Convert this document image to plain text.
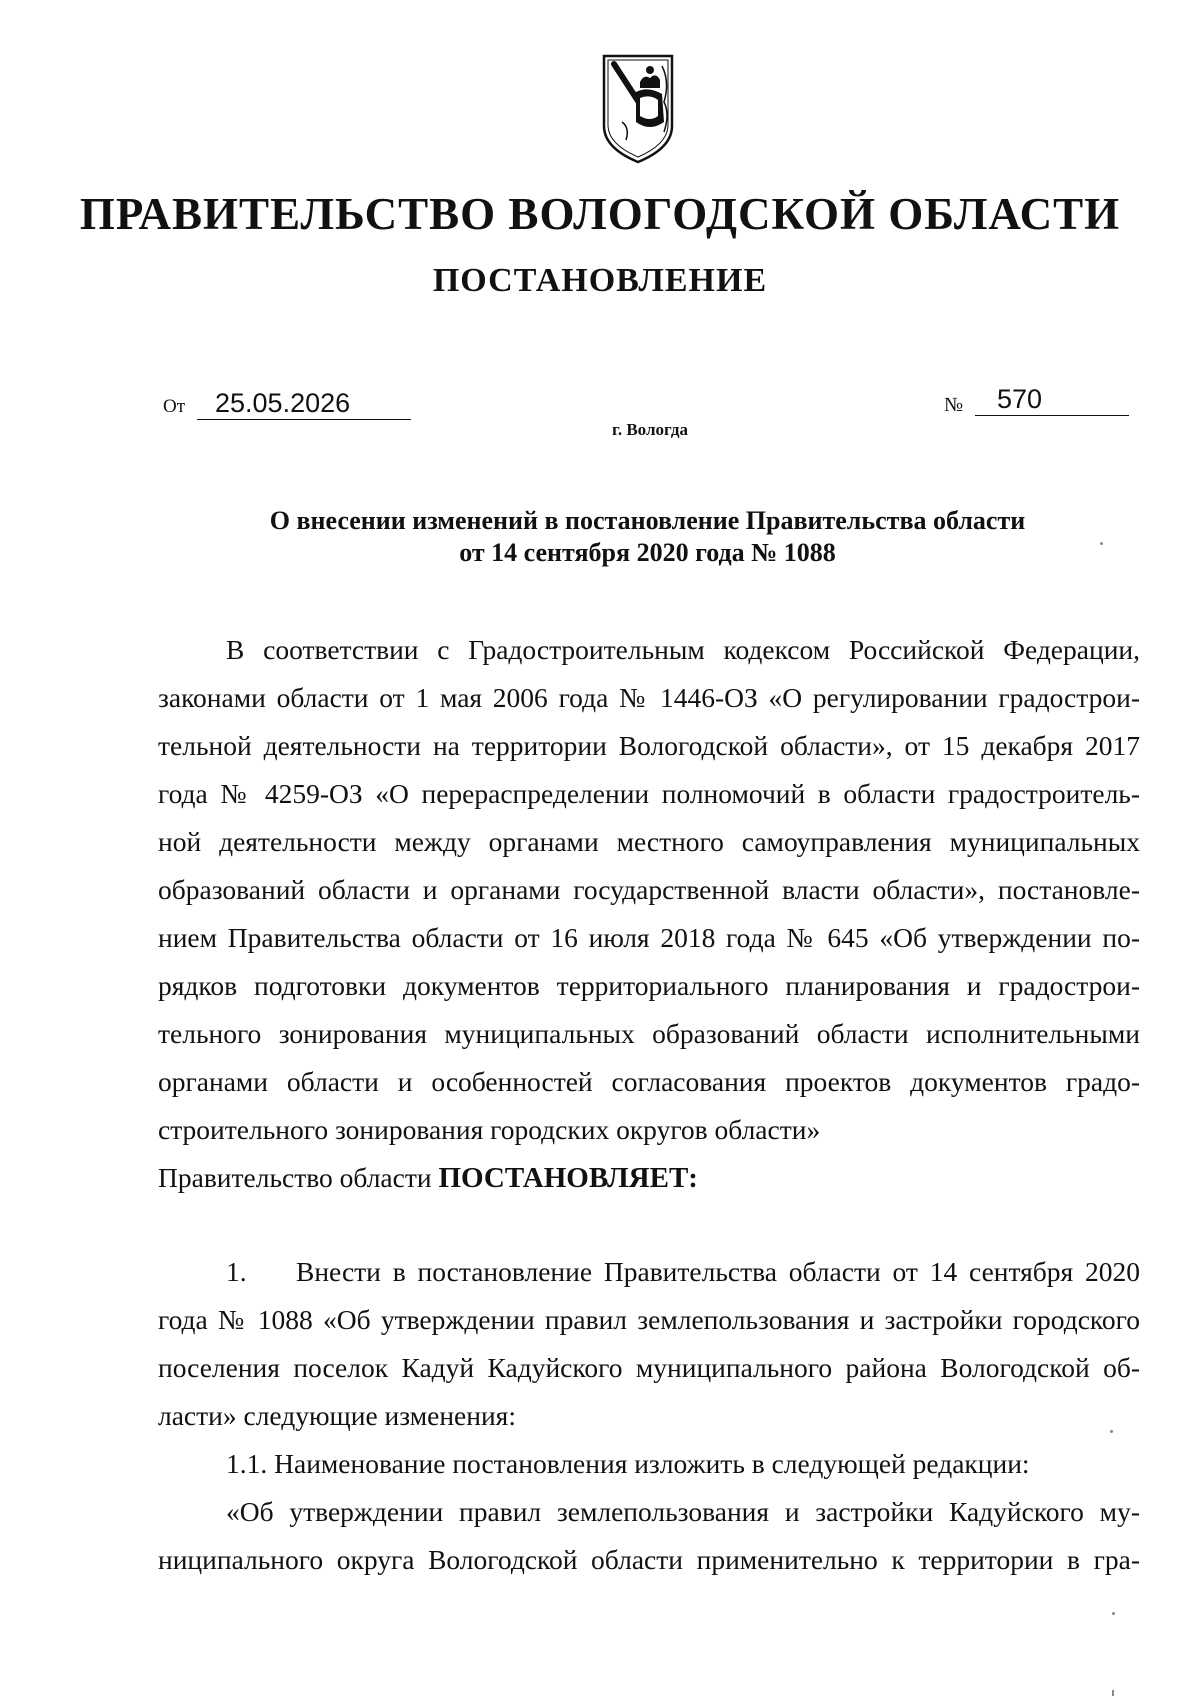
ПРАВИТЕЛЬСТВО ВОЛОГОДСКОЙ ОБЛАСТИ
ПОСТАНОВЛЕНИЕ
От	25.05.2026	№	570
г. Вологда
О внесении изменений в постановление Правительства области
от 14 сентября 2020 года № 1088
В соответствии с Градостроительным кодексом Российской Федерации,
законами области от 1 мая 2006 года № 1446-ОЗ «О регулировании градострои-
тельной деятельности на территории Вологодской области», от 15 декабря 2017
года № 4259-ОЗ «О перераспределении полномочий в области градостроитель-
ной деятельности между органами местного самоуправления муниципальных
образований области и органами государственной власти области», постановле-
нием Правительства области от 16 июля 2018 года № 645 «Об утверждении по-
рядков подготовки документов территориального планирования и градострои-
тельного зонирования муниципальных образований области исполнительными
органами области и особенностей согласования проектов документов градо-
строительного зонирования городских округов области»
Правительство области ПОСТАНОВЛЯЕТ:
1. Внести в постановление Правительства области от 14 сентября 2020
года № 1088 «Об утверждении правил землепользования и застройки городского
поселения поселок Кадуй Кадуйского муниципального района Вологодской об-
ласти» следующие изменения:
1.1. Наименование постановления изложить в следующей редакции:
«Об утверждении правил землепользования и застройки Кадуйского му-
ниципального округа Вологодской области применительно к территории в гра-
